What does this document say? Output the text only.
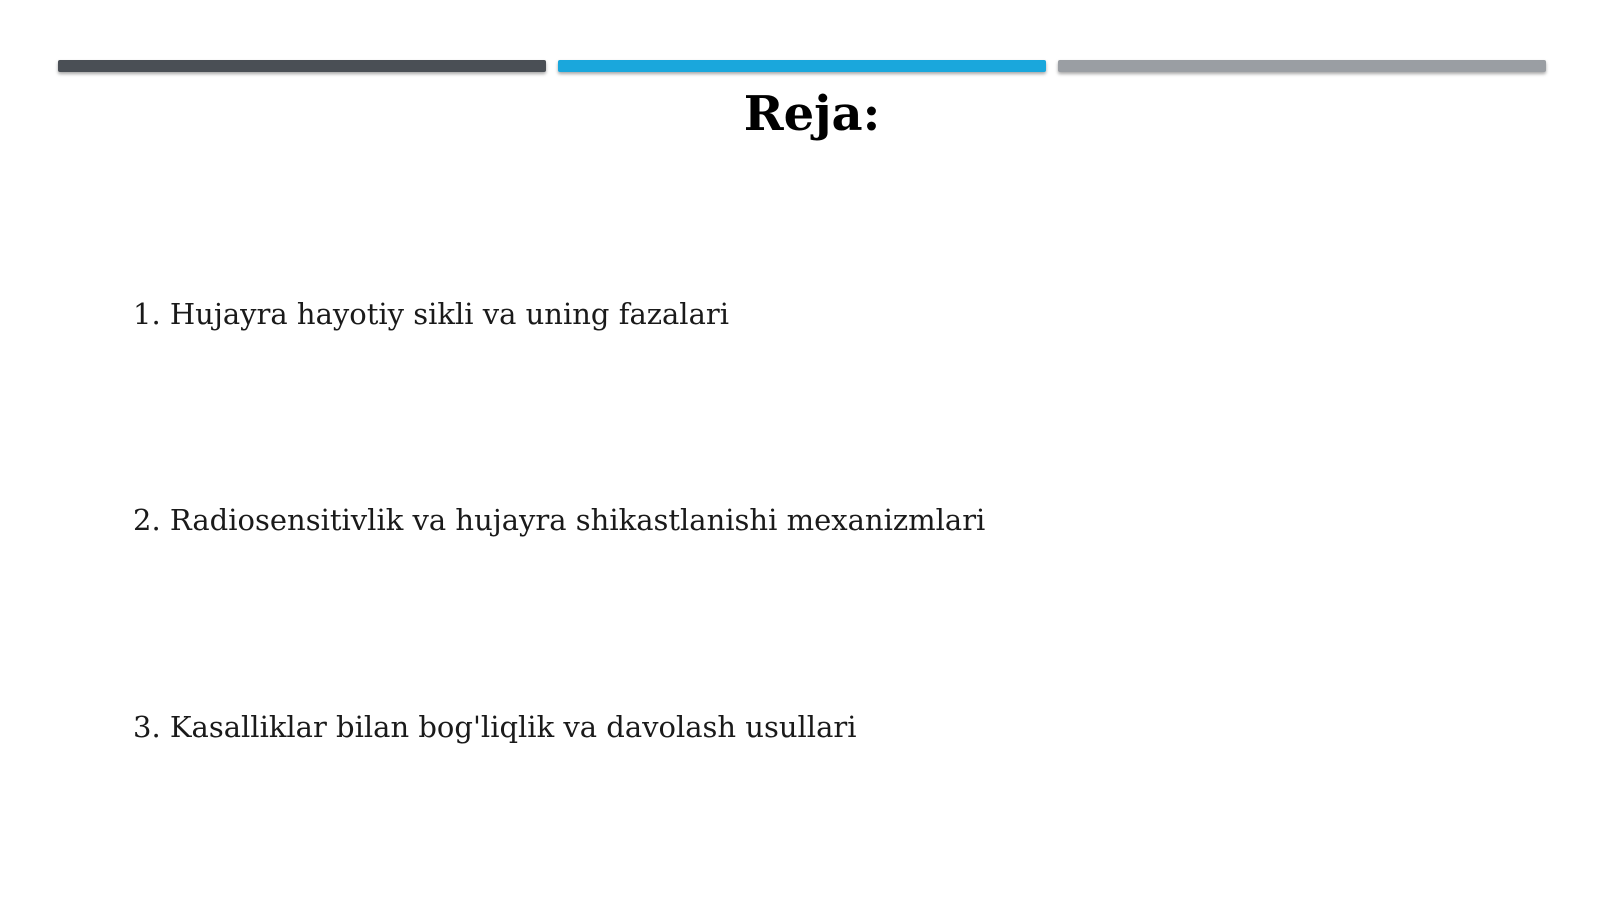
Reja:
1. Hujayra hayotiy sikli va uning fazalari
2. Radiosensitivlik va hujayra shikastlanishi mexanizmlari
3. Kasalliklar bilan bog'liqlik va davolash usullari
